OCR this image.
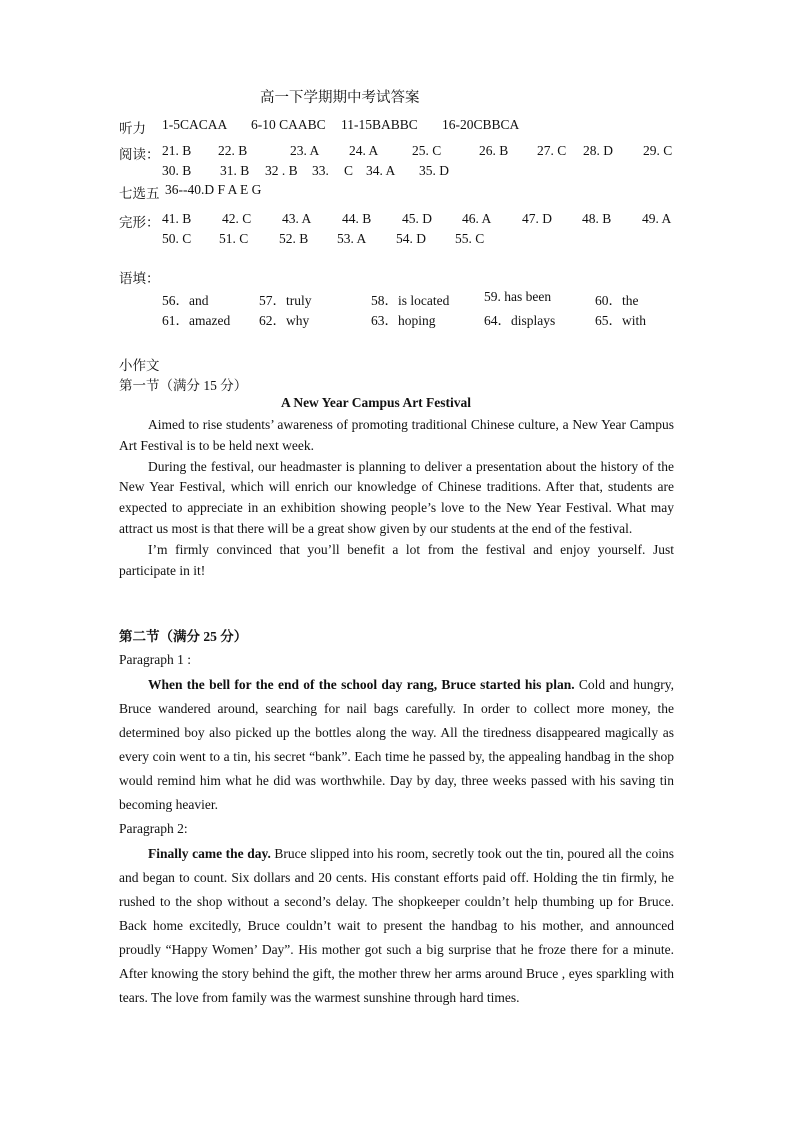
高一下学期期中考试答案
听力 1-5CACAA 6-10 CAABC 11-15BABBC 16-20CBBCA
阅读： 21. B 22. B	23. A 24. A 25. C	26. B 27. C 28. D 29. C
30. B 31. B 32 . B 33. C 34. A 35. D
七选五 36--40.D F A E G
完形： 41. B 42. C 43. A 44. B 45. D 46. A 47. D 48. B 49. A
50. C 51. C 52. B 53. A 54. D 55. C
语填：
56．and	57．truly	58．is located	59. has been	60．the
61．amazed 62．why	63．hoping	64．displays	65．with
小作文
第一节（满分 15 分）
A New Year Campus Art Festival
Aimed to rise students’ awareness of promoting traditional Chinese culture, a New Year Campus Art Festival is to be held next week.
During the festival, our headmaster is planning to deliver a presentation about the history of the New Year Festival, which will enrich our knowledge of Chinese traditions. After that, students are expected to appreciate in an exhibition showing people’s love to the New Year Festival. What may attract us most is that there will be a great show given by our students at the end of the festival.
I’m firmly convinced that you’ll benefit a lot from the festival and enjoy yourself. Just participate in it!
第二节（满分 25 分）
Paragraph 1 :
When the bell for the end of the school day rang, Bruce started his plan. Cold and hungry, Bruce wandered around, searching for nail bags carefully. In order to collect more money, the determined boy also picked up the bottles along the way. All the tiredness disappeared magically as every coin went to a tin, his secret “bank”. Each time he passed by, the appealing handbag in the shop would remind him what he did was worthwhile. Day by day, three weeks passed with his saving tin becoming heavier.
Paragraph 2:
Finally came the day. Bruce slipped into his room, secretly took out the tin, poured all the coins and began to count. Six dollars and 20 cents. His constant efforts paid off. Holding the tin firmly, he rushed to the shop without a second’s delay. The shopkeeper couldn’t help thumbing up for Bruce. Back home excitedly, Bruce couldn’t wait to present the handbag to his mother, and announced proudly “Happy Women’ Day”. His mother got such a big surprise that he froze there for a minute. After knowing the story behind the gift, the mother threw her arms around Bruce , eyes sparkling with tears. The love from family was the warmest sunshine through hard times.
